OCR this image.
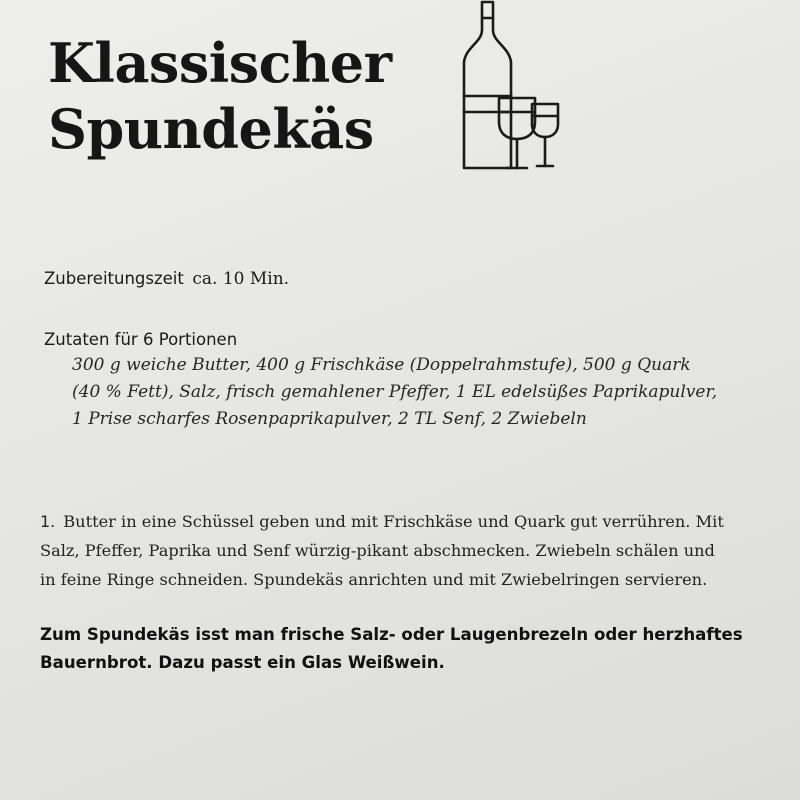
Klassischer
Spundekäs
Zubereitungszeit ca. 10 Min.
Zutaten für 6 Portionen
300 g weiche Butter, 400 g Frischkäse (Doppelrahmstufe), 500 g Quark
(40 % Fett), Salz, frisch gemahlener Pfeffer, 1 EL edelsüßes Paprikapulver,
1 Prise scharfes Rosenpaprikapulver, 2 TL Senf, 2 Zwiebeln
1. Butter in eine Schüssel geben und mit Frischkäse und Quark gut verrühren. Mit
Salz, Pfeffer, Paprika und Senf würzig-pikant abschmecken. Zwiebeln schälen und
in feine Ringe schneiden. Spundekäs anrichten und mit Zwiebelringen servieren.
Zum Spundekäs isst man frische Salz- oder Laugenbrezeln oder herzhaftes
Bauernbrot. Dazu passt ein Glas Weißwein.
